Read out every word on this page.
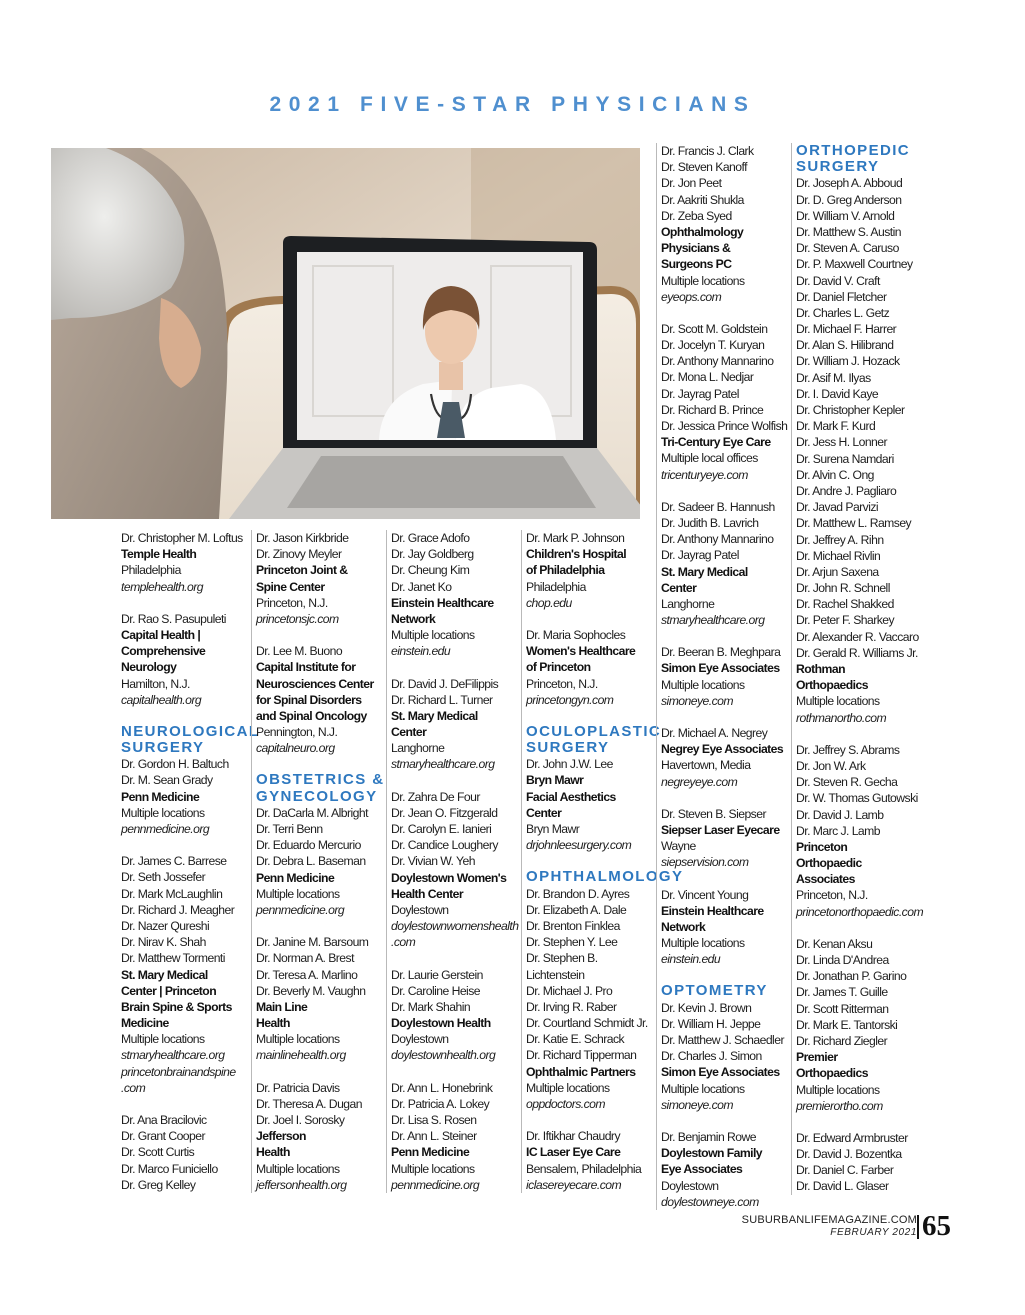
2021 FIVE-STAR PHYSICIANS
Dr. Christopher M. Loftus
Temple Health
Philadelphia
templehealth.org
Dr. Rao S. Pasupuleti
Capital Health |
Comprehensive
Neurology
Hamilton, N.J.
capitalhealth.org
NEUROLOGICAL
SURGERY
Dr. Gordon H. Baltuch
Dr. M. Sean Grady
Penn Medicine
Multiple locations
pennmedicine.org
Dr. James C. Barrese
Dr. Seth Jossefer
Dr. Mark McLaughlin
Dr. Richard J. Meagher
Dr. Nazer Qureshi
Dr. Nirav K. Shah
Dr. Matthew Tormenti
St. Mary Medical
Center | Princeton
Brain Spine & Sports
Medicine
Multiple locations
stmaryhealthcare.org
princetonbrainandspine
.com
Dr. Ana Bracilovic
Dr. Grant Cooper
Dr. Scott Curtis
Dr. Marco Funiciello
Dr. Greg Kelley
Dr. Jason Kirkbride
Dr. Zinovy Meyler
Princeton Joint &
Spine Center
Princeton, N.J.
princetonsjc.com
Dr. Lee M. Buono
Capital Institute for
Neurosciences Center
for Spinal Disorders
and Spinal Oncology
Pennington, N.J.
capitalneuro.org
OBSTETRICS &
GYNECOLOGY
Dr. DaCarla M. Albright
Dr. Terri Benn
Dr. Eduardo Mercurio
Dr. Debra L. Baseman
Penn Medicine
Multiple locations
pennmedicine.org
Dr. Janine M. Barsoum
Dr. Norman A. Brest
Dr. Teresa A. Marlino
Dr. Beverly M. Vaughn
Main Line
Health
Multiple locations
mainlinehealth.org
Dr. Patricia Davis
Dr. Theresa A. Dugan
Dr. Joel I. Sorosky
Jefferson
Health
Multiple locations
jeffersonhealth.org
Dr. Grace Adofo
Dr. Jay Goldberg
Dr. Cheung Kim
Dr. Janet Ko
Einstein Healthcare
Network
Multiple locations
einstein.edu
Dr. David J. DeFilippis
Dr. Richard L. Turner
St. Mary Medical
Center
Langhorne
stmaryhealthcare.org
Dr. Zahra De Four
Dr. Jean O. Fitzgerald
Dr. Carolyn E. Ianieri
Dr. Candice Loughery
Dr. Vivian W. Yeh
Doylestown Women's
Health Center
Doylestown
doylestownwomenshealth
.com
Dr. Laurie Gerstein
Dr. Caroline Heise
Dr. Mark Shahin
Doylestown Health
Doylestown
doylestownhealth.org
Dr. Ann L. Honebrink
Dr. Patricia A. Lokey
Dr. Lisa S. Rosen
Dr. Ann L. Steiner
Penn Medicine
Multiple locations
pennmedicine.org
Dr. Mark P. Johnson
Children's Hospital
of Philadelphia
Philadelphia
chop.edu
Dr. Maria Sophocles
Women's Healthcare
of Princeton
Princeton, N.J.
princetongyn.com
OCULOPLASTIC
SURGERY
Dr. John J.W. Lee
Bryn Mawr
Facial Aesthetics
Center
Bryn Mawr
drjohnleesurgery.com
OPHTHALMOLOGY
Dr. Brandon D. Ayres
Dr. Elizabeth A. Dale
Dr. Brenton Finklea
Dr. Stephen Y. Lee
Dr. Stephen B.
Lichtenstein
Dr. Michael J. Pro
Dr. Irving R. Raber
Dr. Courtland Schmidt Jr.
Dr. Katie E. Schrack
Dr. Richard Tipperman
Ophthalmic Partners
Multiple locations
oppdoctors.com
Dr. Iftikhar Chaudry
IC Laser Eye Care
Bensalem, Philadelphia
iclasereyecare.com
Dr. Francis J. Clark
Dr. Steven Kanoff
Dr. Jon Peet
Dr. Aakriti Shukla
Dr. Zeba Syed
Ophthalmology
Physicians &
Surgeons PC
Multiple locations
eyeops.com
Dr. Scott M. Goldstein
Dr. Jocelyn T. Kuryan
Dr. Anthony Mannarino
Dr. Mona L. Nedjar
Dr. Jayrag Patel
Dr. Richard B. Prince
Dr. Jessica Prince Wolfish
Tri-Century Eye Care
Multiple local offices
tricenturyeye.com
Dr. Sadeer B. Hannush
Dr. Judith B. Lavrich
Dr. Anthony Mannarino
Dr. Jayrag Patel
St. Mary Medical
Center
Langhorne
stmaryhealthcare.org
Dr. Beeran B. Meghpara
Simon Eye Associates
Multiple locations
simoneye.com
Dr. Michael A. Negrey
Negrey Eye Associates
Havertown, Media
negreyeye.com
Dr. Steven B. Siepser
Siepser Laser Eyecare
Wayne
siepservision.com
Dr. Vincent Young
Einstein Healthcare
Network
Multiple locations
einstein.edu
OPTOMETRY
Dr. Kevin J. Brown
Dr. William H. Jeppe
Dr. Matthew J. Schaedler
Dr. Charles J. Simon
Simon Eye Associates
Multiple locations
simoneye.com
Dr. Benjamin Rowe
Doylestown Family
Eye Associates
Doylestown
doylestowneye.com
ORTHOPEDIC
SURGERY
Dr. Joseph A. Abboud
Dr. D. Greg Anderson
Dr. William V. Arnold
Dr. Matthew S. Austin
Dr. Steven A. Caruso
Dr. P. Maxwell Courtney
Dr. David V. Craft
Dr. Daniel Fletcher
Dr. Charles L. Getz
Dr. Michael F. Harrer
Dr. Alan S. Hilibrand
Dr. William J. Hozack
Dr. Asif M. Ilyas
Dr. I. David Kaye
Dr. Christopher Kepler
Dr. Mark F. Kurd
Dr. Jess H. Lonner
Dr. Surena Namdari
Dr. Alvin C. Ong
Dr. Andre J. Pagliaro
Dr. Javad Parvizi
Dr. Matthew L. Ramsey
Dr. Jeffrey A. Rihn
Dr. Michael Rivlin
Dr. Arjun Saxena
Dr. John R. Schnell
Dr. Rachel Shakked
Dr. Peter F. Sharkey
Dr. Alexander R. Vaccaro
Dr. Gerald R. Williams Jr.
Rothman
Orthopaedics
Multiple locations
rothmanortho.com
Dr. Jeffrey S. Abrams
Dr. Jon W. Ark
Dr. Steven R. Gecha
Dr. W. Thomas Gutowski
Dr. David J. Lamb
Dr. Marc J. Lamb
Princeton
Orthopaedic
Associates
Princeton, N.J.
princetonorthopaedic.com
Dr. Kenan Aksu
Dr. Linda D'Andrea
Dr. Jonathan P. Garino
Dr. James T. Guille
Dr. Scott Ritterman
Dr. Mark E. Tantorski
Dr. Richard Ziegler
Premier
Orthopaedics
Multiple locations
premierortho.com
Dr. Edward Armbruster
Dr. David J. Bozentka
Dr. Daniel C. Farber
Dr. David L. Glaser
SUBURBANLIFEMAGAZINE.COM
FEBRUARY 2021 65
